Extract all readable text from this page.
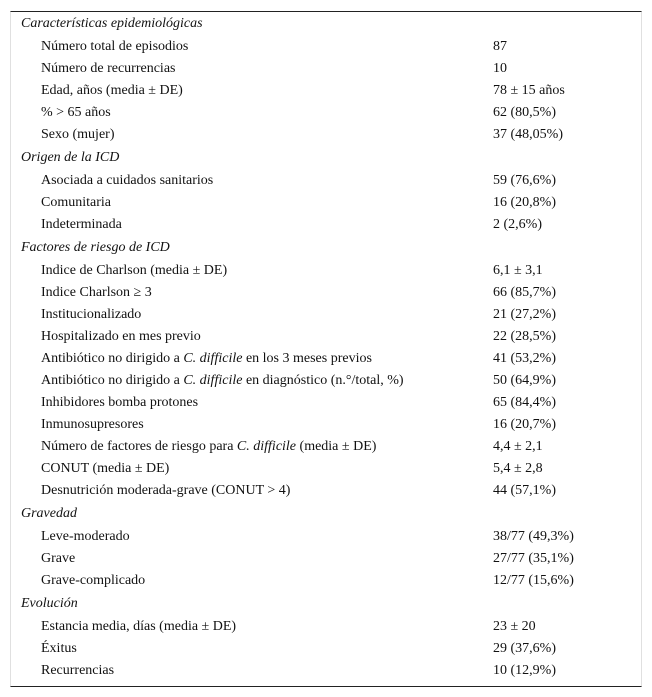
Características epidemiológicas
Número total de episodios	87
Número de recurrencias	10
Edad, años (media ± DE)	78 ± 15 años
% > 65 años	62 (80,5%)
Sexo (mujer)	37 (48,05%)
Origen de la ICD
Asociada a cuidados sanitarios	59 (76,6%)
Comunitaria	16 (20,8%)
Indeterminada	2 (2,6%)
Factores de riesgo de ICD
Indice de Charlson (media ± DE)	6,1 ± 3,1
Indice Charlson ≥ 3	66 (85,7%)
Institucionalizado	21 (27,2%)
Hospitalizado en mes previo	22 (28,5%)
Antibiótico no dirigido a C. difficile en los 3 meses previos	41 (53,2%)
Antibiótico no dirigido a C. difficile en diagnóstico (n.°/total, %)	50 (64,9%)
Inhibidores bomba protones	65 (84,4%)
Inmunosupresores	16 (20,7%)
Número de factores de riesgo para C. difficile (media ± DE)	4,4 ± 2,1
CONUT (media ± DE)	5,4 ± 2,8
Desnutrición moderada-grave (CONUT > 4)	44 (57,1%)
Gravedad
Leve-moderado	38/77 (49,3%)
Grave	27/77 (35,1%)
Grave-complicado	12/77 (15,6%)
Evolución
Estancia media, días (media ± DE)	23 ± 20
Éxitus	29 (37,6%)
Recurrencias	10 (12,9%)
